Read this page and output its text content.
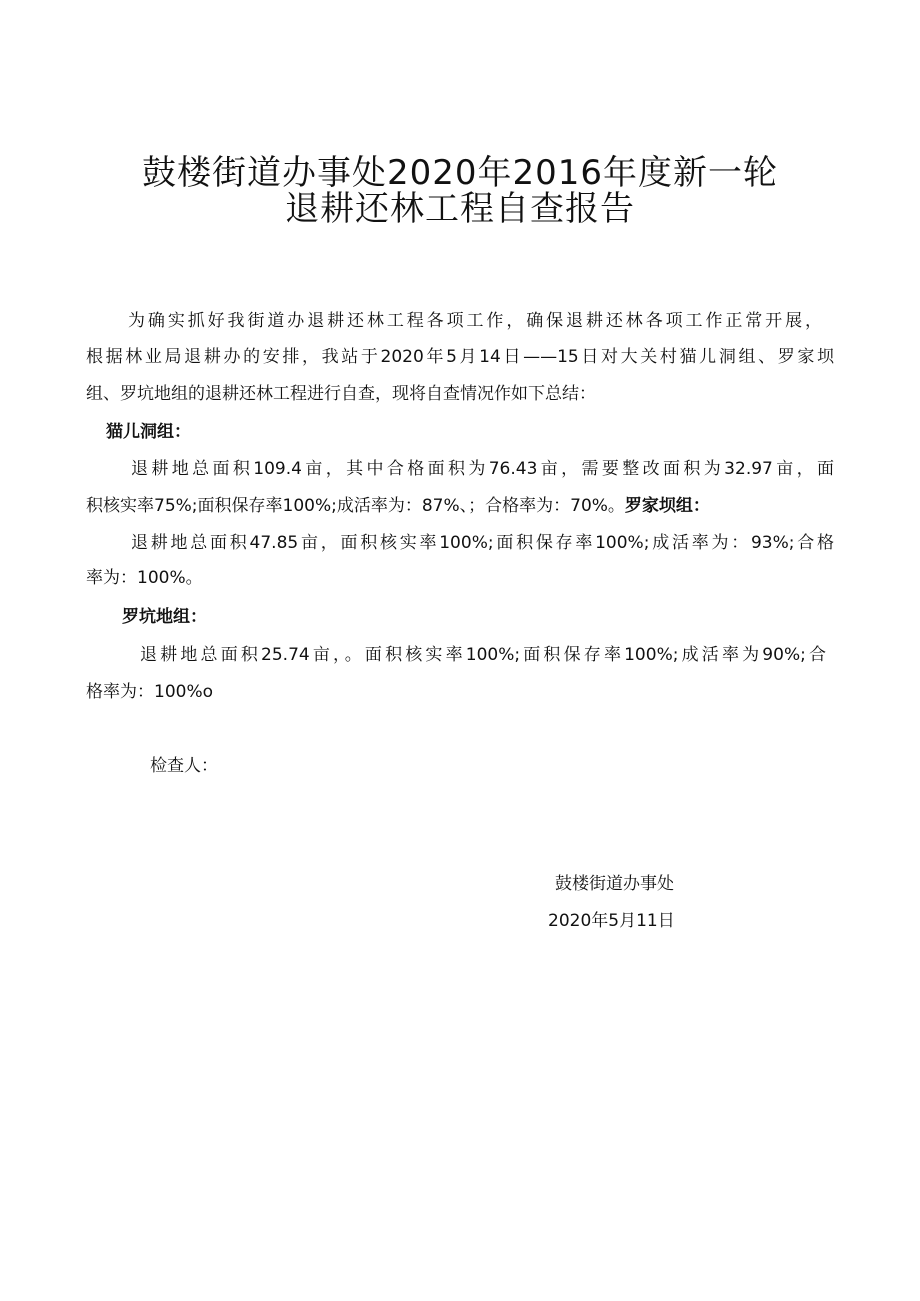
鼓楼街道办事处2020年2016年度新一轮
退耕还林工程自查报告
为确实抓好我街道办退耕还林工程各项工作，确保退耕还林各项工作正常开展，
根据林业局退耕办的安排，我站于2020年5月14日——15日对大关村猫儿洞组、罗家坝
组、罗坑地组的退耕还林工程进行自查，现将自查情况作如下总结：
猫儿洞组：
退耕地总面积109.4亩，其中合格面积为76.43亩，需要整改面积为32.97亩，面
积核实率75%;面积保存率100%;成活率为：87%、；合格率为：70%。罗家坝组：
退耕地总面积47.85亩，面积核实率100%;面积保存率100%;成活率为：93%;合格
率为：100%。
罗坑地组：
退耕地总面积25.74亩，。面积核实率100%;面积保存率100%;成活率为90%;合
格率为：100%o
检查人：
鼓楼街道办事处
2020年5月11日
